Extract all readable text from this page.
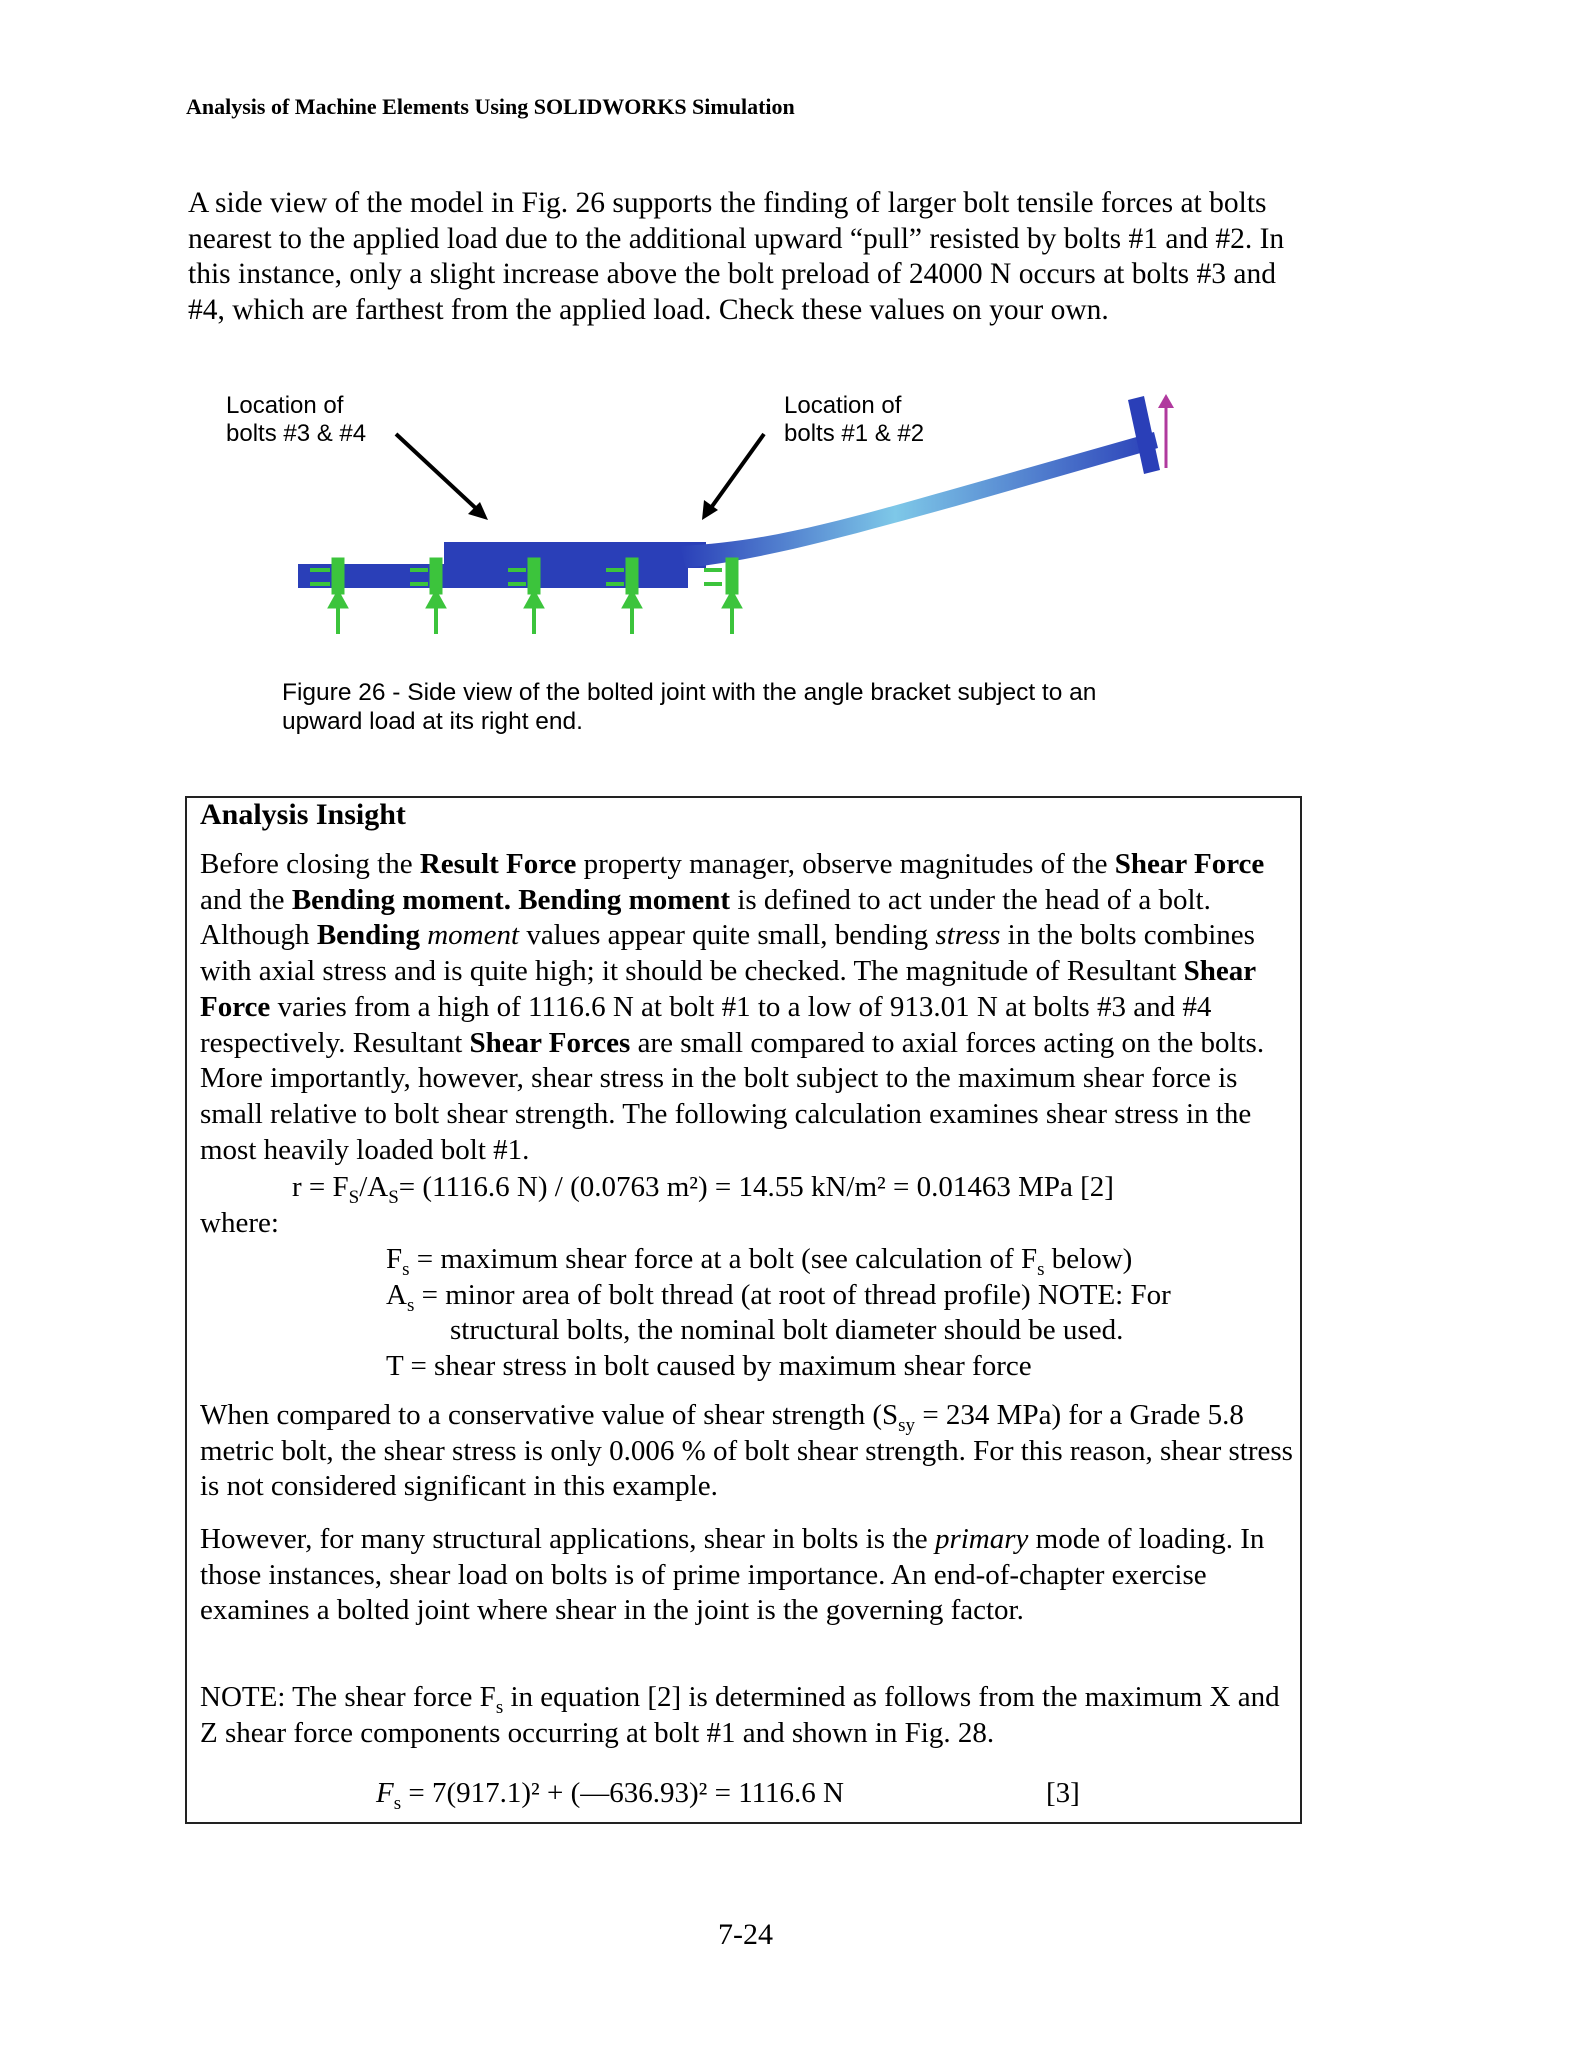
Analysis of Machine Elements Using SOLIDWORKS Simulation
A side view of the model in Fig. 26 supports the finding of larger bolt tensile forces at bolts nearest to the applied load due to the additional upward “pull” resisted by bolts #1 and #2. In this instance, only a slight increase above the bolt preload of 24000 N occurs at bolts #3 and #4, which are farthest from the applied load. Check these values on your own.
Location of
bolts #3 & #4
Location of
bolts #1 & #2
Figure 26 - Side view of the bolted joint with the angle bracket subject to an upward load at its right end.
Analysis Insight
Before closing the Result Force property manager, observe magnitudes of the Shear Force and the Bending moment. Bending moment is defined to act under the head of a bolt. Although Bending moment values appear quite small, bending stress in the bolts combines with axial stress and is quite high; it should be checked. The magnitude of Resultant Shear Force varies from a high of 1116.6 N at bolt #1 to a low of 913.01 N at bolts #3 and #4 respectively. Resultant Shear Forces are small compared to axial forces acting on the bolts. More importantly, however, shear stress in the bolt subject to the maximum shear force is small relative to bolt shear strength. The following calculation examines shear stress in the most heavily loaded bolt #1.
$r = F_S/A_S= (1116.6$ N) / (0.0763 m²) = 14.55 kN/m² = 0.01463 MPa [2]
where:
$F_s$ = maximum shear force at a bolt (see calculation of $F_s$ below)
$A_s$ = minor area of bolt thread (at root of thread profile) NOTE: For
structural bolts, the nominal bolt diameter should be used.
T = shear stress in bolt caused by maximum shear force
When compared to a conservative value of shear strength ($S_{sy} = 234$ MPa) for a Grade 5.8 metric bolt, the shear stress is only 0.006 % of bolt shear strength. For this reason, shear stress is not considered significant in this example.
However, for many structural applications, shear in bolts is the primary mode of loading. In those instances, shear load on bolts is of prime importance. An end-of-chapter exercise examines a bolted joint where shear in the joint is the governing factor.
NOTE: The shear force $F_s$ in equation [2] is determined as follows from the maximum X and Z shear force components occurring at bolt #1 and shown in Fig. 28.
$F_s = 7(917.1)^2$ + (—636.93)² = 1116.6 N	[3]
7-24
